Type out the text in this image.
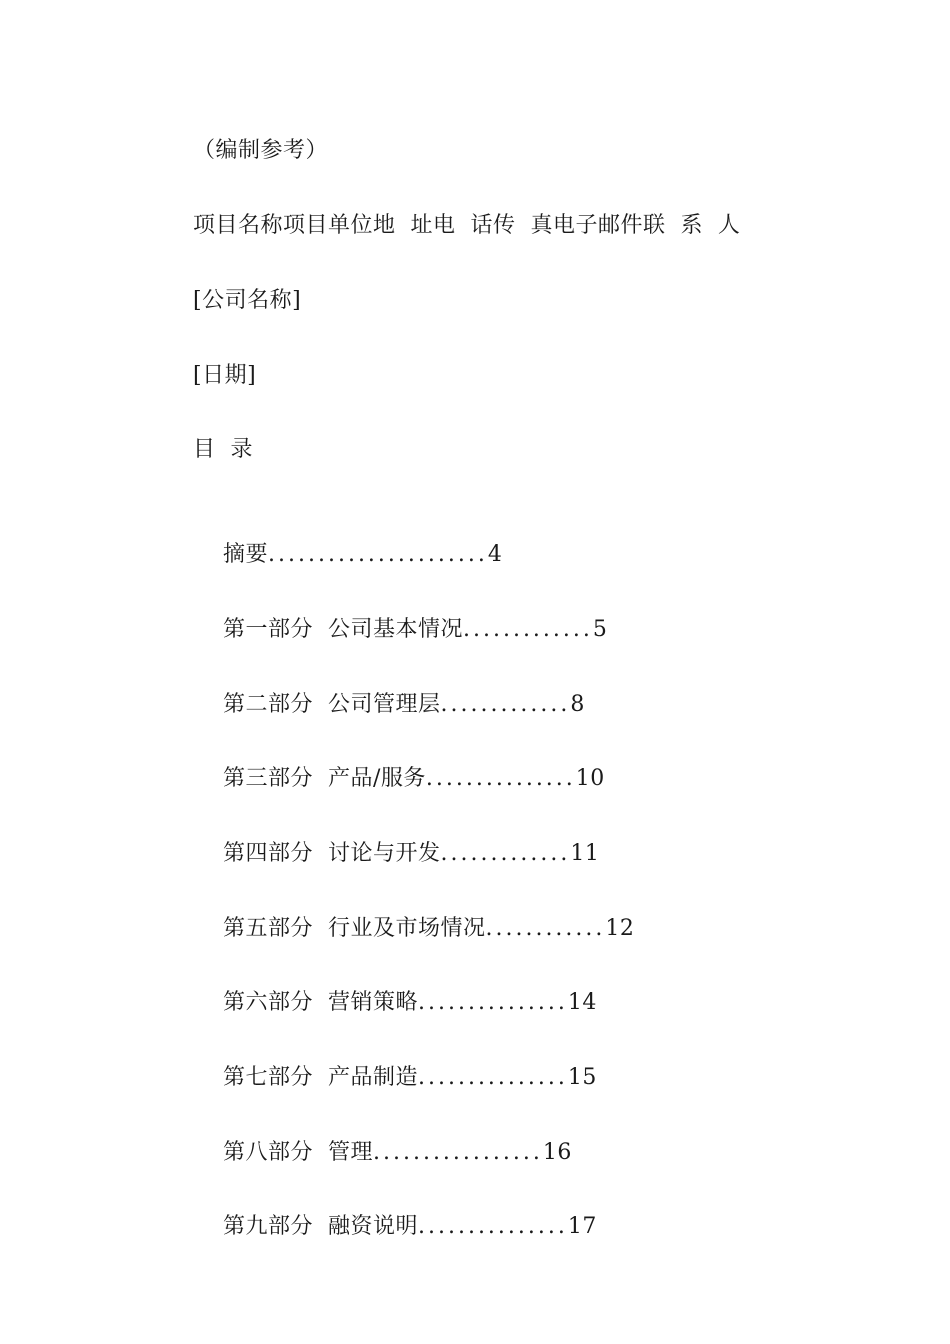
（编制参考）
项目名称项目单位地  址电  话传  真电子邮件联  系  人
[公司名称]
[日期]
目  录

摘要......................4

第一部分  公司基本情况.............5

第二部分  公司管理层.............8

第三部分  产品/服务...............10

第四部分  讨论与开发.............11

第五部分  行业及市场情况............12

第六部分  营销策略...............14

第七部分  产品制造...............15

第八部分  管理.................16

第九部分  融资说明...............17
